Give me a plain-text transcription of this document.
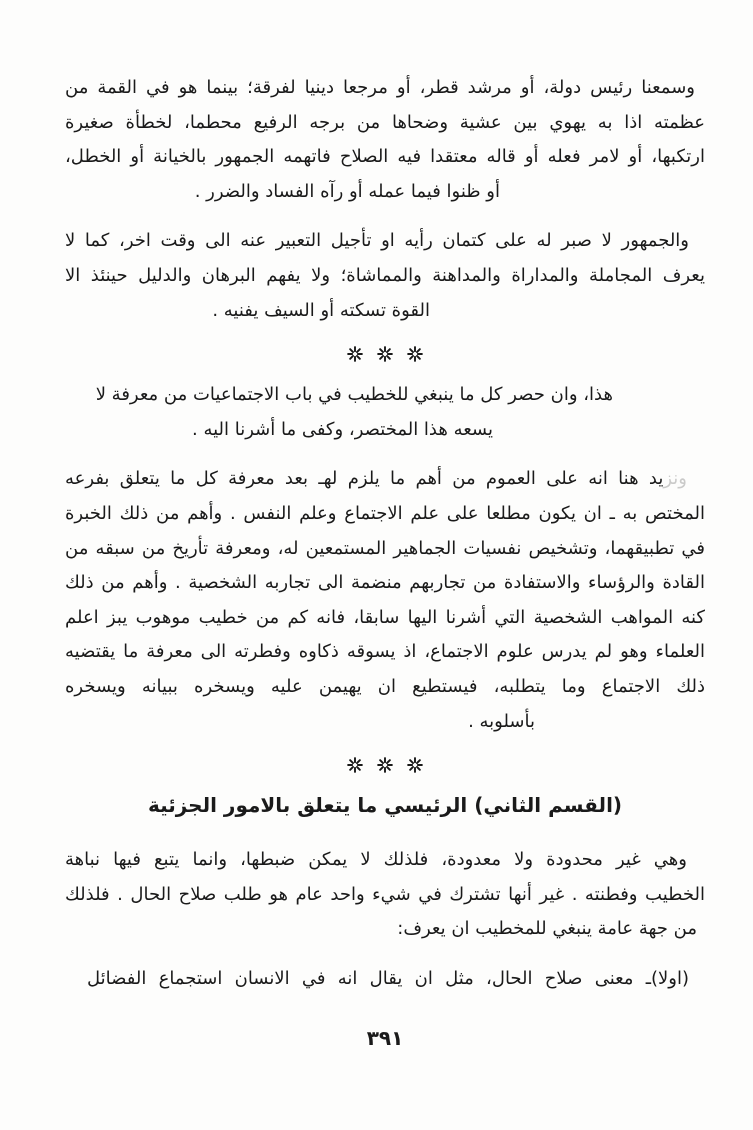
وسمعنا رئيس دولة، أو مرشد قطر، أو مرجعا دينيا لفرقة؛ بينما هو في القمة من
عظمته اذا به يهوي بين عشية وضحاها من برجه الرفيع محطما، لخطأة صغيرة
ارتكبها، أو لامر فعله أو قاله معتقدا فيه الصلاح فاتهمه الجمهور بالخيانة أو الخطل،
أو ظنوا فيما عمله أو رآه الفساد والضرر .
والجمهور لا صبر له على كتمان رأيه او تأجيل التعبير عنه الى وقت اخر، كما لا
يعرف المجاملة والمداراة والمداهنة والمماشاة؛ ولا يفهم البرهان والدليل حينئذ الا
القوة تسكته أو السيف يفنيه .
هذا، وان حصر كل ما ينبغي للخطيب في باب الاجتماعيات من معرفة لا
يسعه هذا المختصر، وكفى ما أشرنا اليه .
ونزيد هنا انه على العموم من أهم ما يلزم لهـ بعد معرفة كل ما يتعلق بفرعه
المختص به ـ ان يكون مطلعا على علم الاجتماع وعلم النفس . وأهم من ذلك الخبرة
في تطبيقهما، وتشخيص نفسيات الجماهير المستمعين له، ومعرفة تأريخ من سبقه من
القادة والرؤساء والاستفادة من تجاربهم منضمة الى تجاربه الشخصية . وأهم من ذلك
كنه المواهب الشخصية التي أشرنا اليها سابقا، فانه كم من خطيب موهوب يبز اعلم
العلماء وهو لم يدرس علوم الاجتماع، اذ يسوقه ذكاوه وفطرته الى معرفة ما يقتضيه
ذلك الاجتماع وما يتطلبه، فيستطيع ان يهيمن عليه ويسخره ببيانه ويسخره
بأسلوبه .
(القسم الثاني) الرئيسي ما يتعلق بالامور الجزئية
وهي غير محدودة ولا معدودة، فلذلك لا يمكن ضبطها، وانما يتبع فيها نباهة
الخطيب وفطنته . غير أنها تشترك في شيء واحد عام هو طلب صلاح الحال . فلذلك
من جهة عامة ينبغي للمخطيب ان يعرف:
(اولا)ـ معنى صلاح الحال، مثل ان يقال انه في الانسان استجماع الفضائل
٣٩١
